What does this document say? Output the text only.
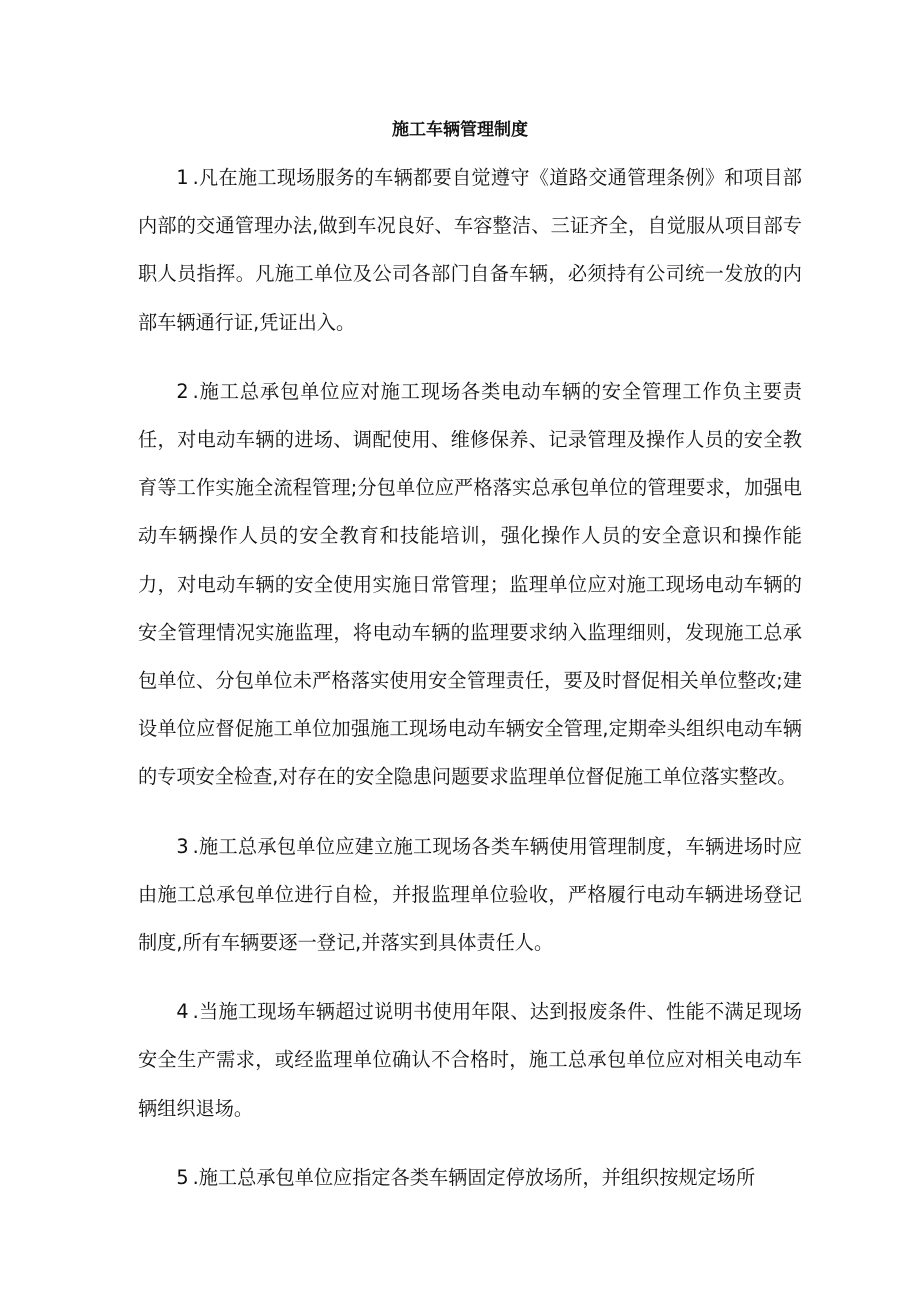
施工车辆管理制度

1 .凡在施工现场服务的车辆都要自觉遵守《道路交通管理条例》和项目部内部的交通管理办法,做到车况良好、车容整洁、三证齐全，自觉服从项目部专职人员指挥。凡施工单位及公司各部门自备车辆，必须持有公司统一发放的内部车辆通行证,凭证出入。

2 .施工总承包单位应对施工现场各类电动车辆的安全管理工作负主要责任，对电动车辆的进场、调配使用、维修保养、记录管理及操作人员的安全教育等工作实施全流程管理;分包单位应严格落实总承包单位的管理要求，加强电动车辆操作人员的安全教育和技能培训，强化操作人员的安全意识和操作能力，对电动车辆的安全使用实施日常管理；监理单位应对施工现场电动车辆的安全管理情况实施监理，将电动车辆的监理要求纳入监理细则，发现施工总承包单位、分包单位未严格落实使用安全管理责任，要及时督促相关单位整改;建设单位应督促施工单位加强施工现场电动车辆安全管理,定期牵头组织电动车辆的专项安全检查,对存在的安全隐患问题要求监理单位督促施工单位落实整改。

3 .施工总承包单位应建立施工现场各类车辆使用管理制度，车辆进场时应由施工总承包单位进行自检，并报监理单位验收，严格履行电动车辆进场登记制度,所有车辆要逐一登记,并落实到具体责任人。

4 .当施工现场车辆超过说明书使用年限、达到报废条件、性能不满足现场安全生产需求，或经监理单位确认不合格时，施工总承包单位应对相关电动车辆组织退场。

5 .施工总承包单位应指定各类车辆固定停放场所，并组织按规定场所
